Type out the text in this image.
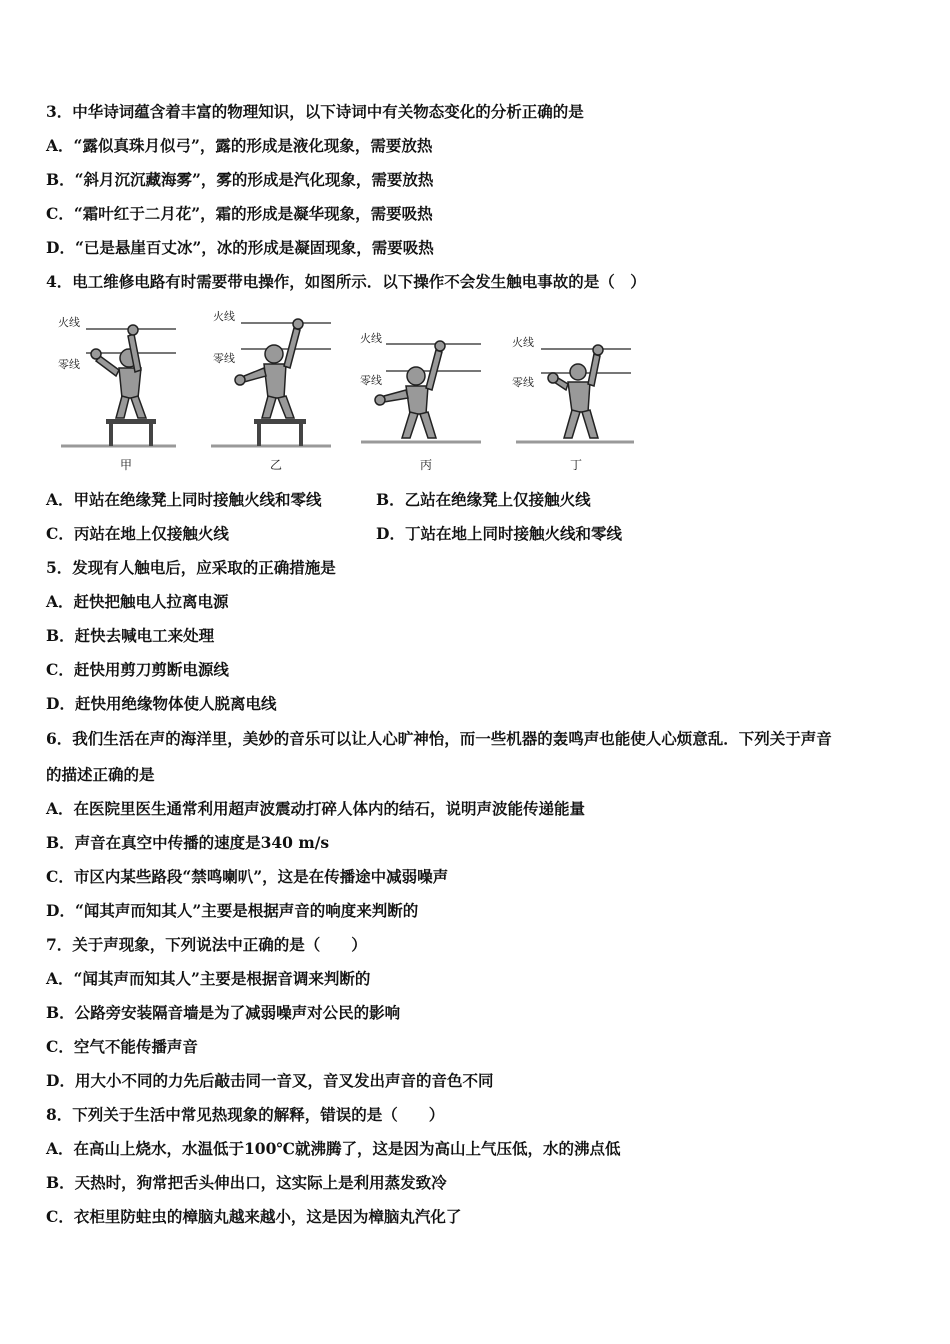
3．中华诗词蕴含着丰富的物理知识，以下诗词中有关物态变化的分析正确的是
A．“露似真珠月似弓”，露的形成是液化现象，需要放热
B．“斜月沉沉藏海雾”，雾的形成是汽化现象，需要放热
C．“霜叶红于二月花”，霜的形成是凝华现象，需要吸热
D．“已是悬崖百丈冰”，冰的形成是凝固现象，需要吸热
4．电工维修电路有时需要带电操作，如图所示．以下操作不会发生触电事故的是（　）
火线
零线
甲
火线
零线
乙
火线
零线
丙
火线
零线
丁
A．甲站在绝缘凳上同时接触火线和零线	B．乙站在绝缘凳上仅接触火线
C．丙站在地上仅接触火线	D．丁站在地上同时接触火线和零线
5．发现有人触电后，应采取的正确措施是
A．赶快把触电人拉离电源
B．赶快去喊电工来处理
C．赶快用剪刀剪断电源线
D．赶快用绝缘物体使人脱离电线
6．我们生活在声的海洋里，美妙的音乐可以让人心旷神怡，而一些机器的轰鸣声也能使人心烦意乱．下列关于声音
的描述正确的是
A．在医院里医生通常利用超声波震动打碎人体内的结石，说明声波能传递能量
B．声音在真空中传播的速度是340 m/s
C．市区内某些路段“禁鸣喇叭”，这是在传播途中减弱噪声
D．“闻其声而知其人”主要是根据声音的响度来判断的
7．关于声现象，下列说法中正确的是（　　）
A．“闻其声而知其人”主要是根据音调来判断的
B．公路旁安装隔音墙是为了减弱噪声对公民的影响
C．空气不能传播声音
D．用大小不同的力先后敲击同一音叉，音叉发出声音的音色不同
8．下列关于生活中常见热现象的解释，错误的是（　　）
A．在高山上烧水，水温低于100℃就沸腾了，这是因为高山上气压低，水的沸点低
B．天热时，狗常把舌头伸出口，这实际上是利用蒸发致冷
C．衣柜里防蛀虫的樟脑丸越来越小，这是因为樟脑丸汽化了
